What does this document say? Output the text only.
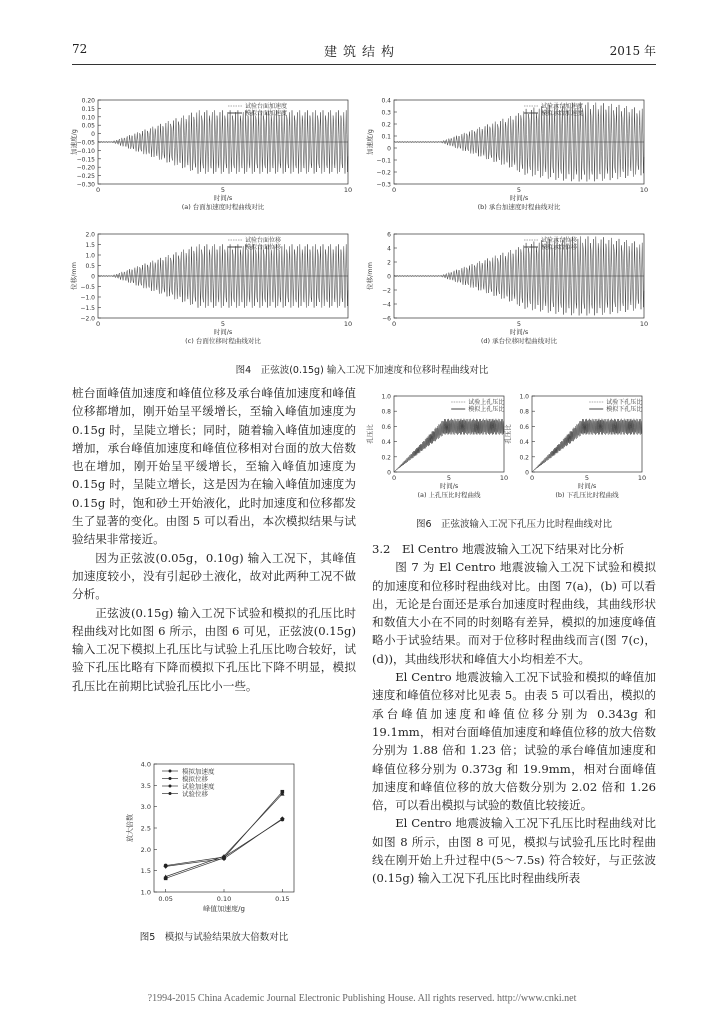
72	建筑结构	2015 年
0.20
0.15
0.10
0.05
0
−0.05
−0.10
−0.15
−0.20
−0.25
−0.30
0	5	10
时间/s
(a) 台面加速度时程曲线对比
加速度/g
试验台面加速度
模拟台面加速度
0.4
0.3
0.2
0.1
0
−0.1
−0.2
−0.3
0	5	10
时间/s
(b) 承台加速度时程曲线对比
加速度/g
试验承台加速度
模拟承台加速度
2.0
1.5
1.0
0.5
0
−0.5
−1.0
−1.5
−2.0
0	5	10
时间/s
(c) 台面位移时程曲线对比
位移/mm
试验台面位移
模拟台面位移
6
4
2
0
−2
−4
−6
0	5	10
时间/s
(d) 承台位移时程曲线对比
位移/mm
试验承台位移
模拟承台位移
图4　正弦波(0.15g) 输入工况下加速度和位移时程曲线对比
1.0
0.8
0.6
0.4
0.2
0
0	5	10
时间/s
(a) 上孔压比时程曲线
孔压比
试验上孔压比
模拟上孔压比
1.0
0.8
0.6
0.4
0.2
0
0	5	10
时间/s
(b) 下孔压比时程曲线
孔压比
试验下孔压比
模拟下孔压比
图6　正弦波输入工况下孔压力比时程曲线对比
1.0
1.5
2.0
2.5
3.0
3.5
4.0
0.05	0.10	0.15
峰值加速度/g
放大倍数
模拟加速度
模拟位移
试验加速度
试验位移
图5　模拟与试验结果放大倍数对比

桩台面峰值加速度和峰值位移及承台峰值加速度和峰值位移都增加，刚开始呈平缓增长，至输入峰值加速度为 0.15g 时，呈陡立增长；同时，随着输入峰值加速度的增加，承台峰值加速度和峰值位移相对台面的放大倍数也在增加，刚开始呈平缓增长，至输入峰值加速度为 0.15g 时，呈陡立增长，这是因为在输入峰值加速度为 0.15g 时，饱和砂土开始液化，此时加速度和位移都发生了显著的变化。由图 5 可以看出，本次模拟结果与试验结果非常接近。

因为正弦波(0.05g，0.10g) 输入工况下，其峰值加速度较小，没有引起砂土液化，故对此两种工况不做分析。

正弦波(0.15g) 输入工况下试验和模拟的孔压比时程曲线对比如图 6 所示，由图 6 可见，正弦波(0.15g) 输入工况下模拟上孔压比与试验上孔压比吻合较好，试验下孔压比略有下降而模拟下孔压比下降不明显，模拟孔压比在前期比试验孔压比小一些。

3.2　El Centro 地震波输入工况下结果对比分析

图 7 为 El Centro 地震波输入工况下试验和模拟的加速度和位移时程曲线对比。由图 7(a)，(b) 可以看出，无论是台面还是承台加速度时程曲线，其曲线形状和数值大小在不同的时刻略有差异，模拟的加速度峰值略小于试验结果。而对于位移时程曲线而言(图 7(c)，(d))，其曲线形状和峰值大小均相差不大。

El Centro 地震波输入工况下试验和模拟的峰值加速度和峰值位移对比见表 5。由表 5 可以看出，模拟的承台峰值加速度和峰值位移分别为 0.343g 和 19.1mm，相对台面峰值加速度和峰值位移的放大倍数分别为 1.88 倍和 1.23 倍；试验的承台峰值加速度和峰值位移分别为 0.373g 和 19.9mm，相对台面峰值加速度和峰值位移的放大倍数分别为 2.02 倍和 1.26 倍，可以看出模拟与试验的数值比较接近。

El Centro 地震波输入工况下孔压比时程曲线对比如图 8 所示，由图 8 可见，模拟与试验孔压比时程曲线在刚开始上升过程中(5～7.5s) 符合较好，与正弦波(0.15g) 输入工况下孔压比时程曲线所表

?1994-2015 China Academic Journal Electronic Publishing House. All rights reserved. http://www.cnki.net
